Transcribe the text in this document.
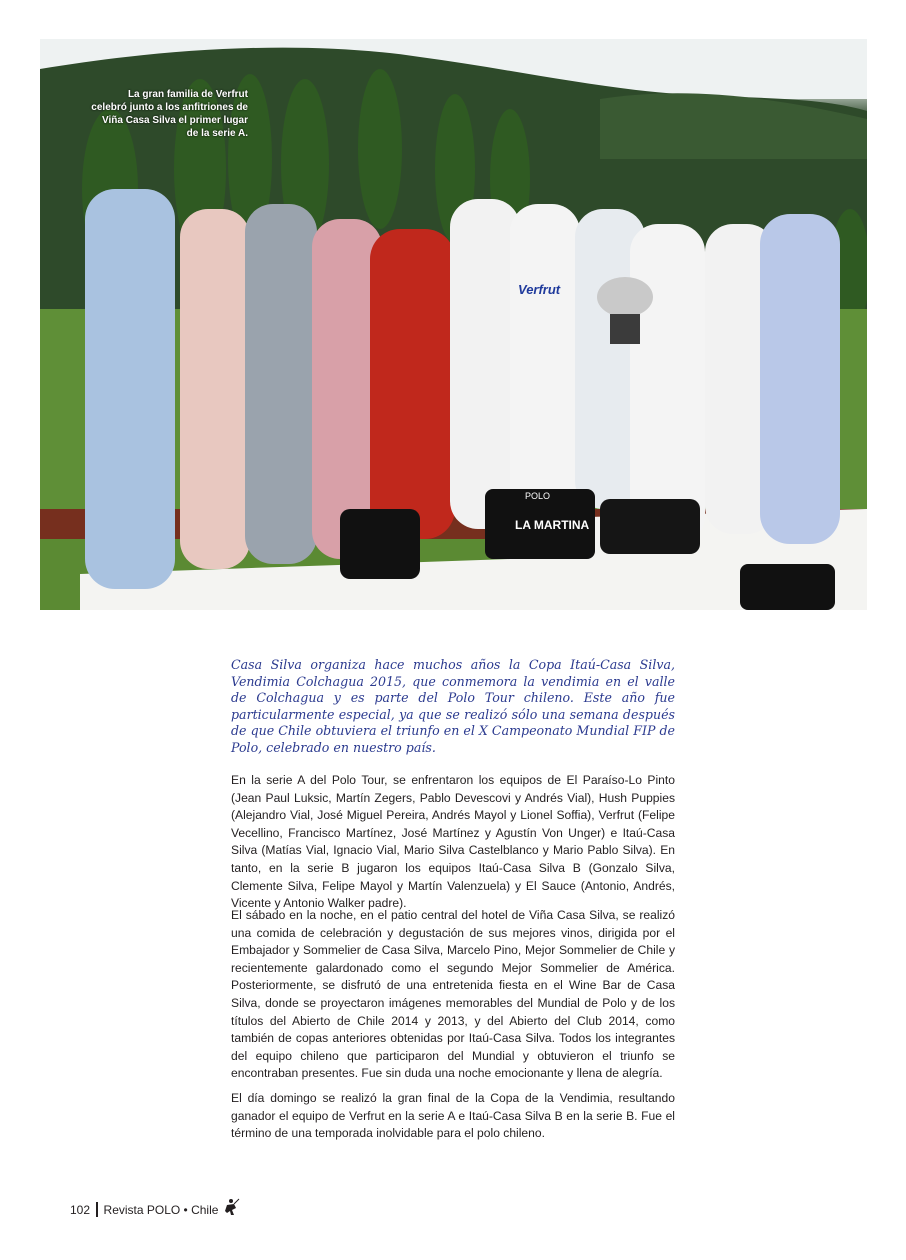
LA MARTINA
POLO
Verfrut
La gran familia de Verfrut celebró junto a los anfitriones de Viña Casa Silva el primer lugar de la serie A.

Casa Silva organiza hace muchos años la Copa Itaú-Casa Silva, Vendimia Colchagua 2015, que conmemora la vendimia en el valle de Colchagua y es parte del Polo Tour chileno. Este año fue particularmente especial, ya que se realizó sólo una semana después de que Chile obtuviera el triunfo en el X Campeonato Mundial FIP de Polo, celebrado en nuestro país.

En la serie A del Polo Tour, se enfrentaron los equipos de El Paraíso-Lo Pinto (Jean Paul Luksic, Martín Zegers, Pablo Devescovi y Andrés Vial), Hush Puppies (Alejandro Vial, José Miguel Pereira, Andrés Mayol y Lionel Soffia), Verfrut (Felipe Vecellino, Francisco Martínez, José Martínez y Agustín Von Unger) e Itaú-Casa Silva (Matías Vial, Ignacio Vial, Mario Silva Castelblanco y Mario Pablo Silva). En tanto, en la serie B jugaron los equipos Itaú-Casa Silva B (Gonzalo Silva, Clemente Silva, Felipe Mayol y Martín Valenzuela) y El Sauce (Antonio, Andrés, Vicente y Antonio Walker padre).

El sábado en la noche, en el patio central del hotel de Viña Casa Silva, se realizó una comida de celebración y degustación de sus mejores vinos, dirigida por el Embajador y Sommelier de Casa Silva, Marcelo Pino, Mejor Sommelier de Chile y recientemente galardonado como el segundo Mejor Sommelier de América. Posteriormente, se disfrutó de una entretenida fiesta en el Wine Bar de Casa Silva, donde se proyectaron imágenes memorables del Mundial de Polo y de los títulos del Abierto de Chile 2014 y 2013, y del Abierto del Club 2014, como también de copas anteriores obtenidas por Itaú-Casa Silva. Todos los integrantes del equipo chileno que participaron del Mundial y obtuvieron el triunfo se encontraban presentes. Fue sin duda una noche emocionante y llena de alegría.

El día domingo se realizó la gran final de la Copa de la Vendimia, resultando ganador el equipo de Verfrut en la serie A e Itaú-Casa Silva B en la serie B. Fue el término de una temporada inolvidable para el polo chileno.

102 Revista POLO • Chile
